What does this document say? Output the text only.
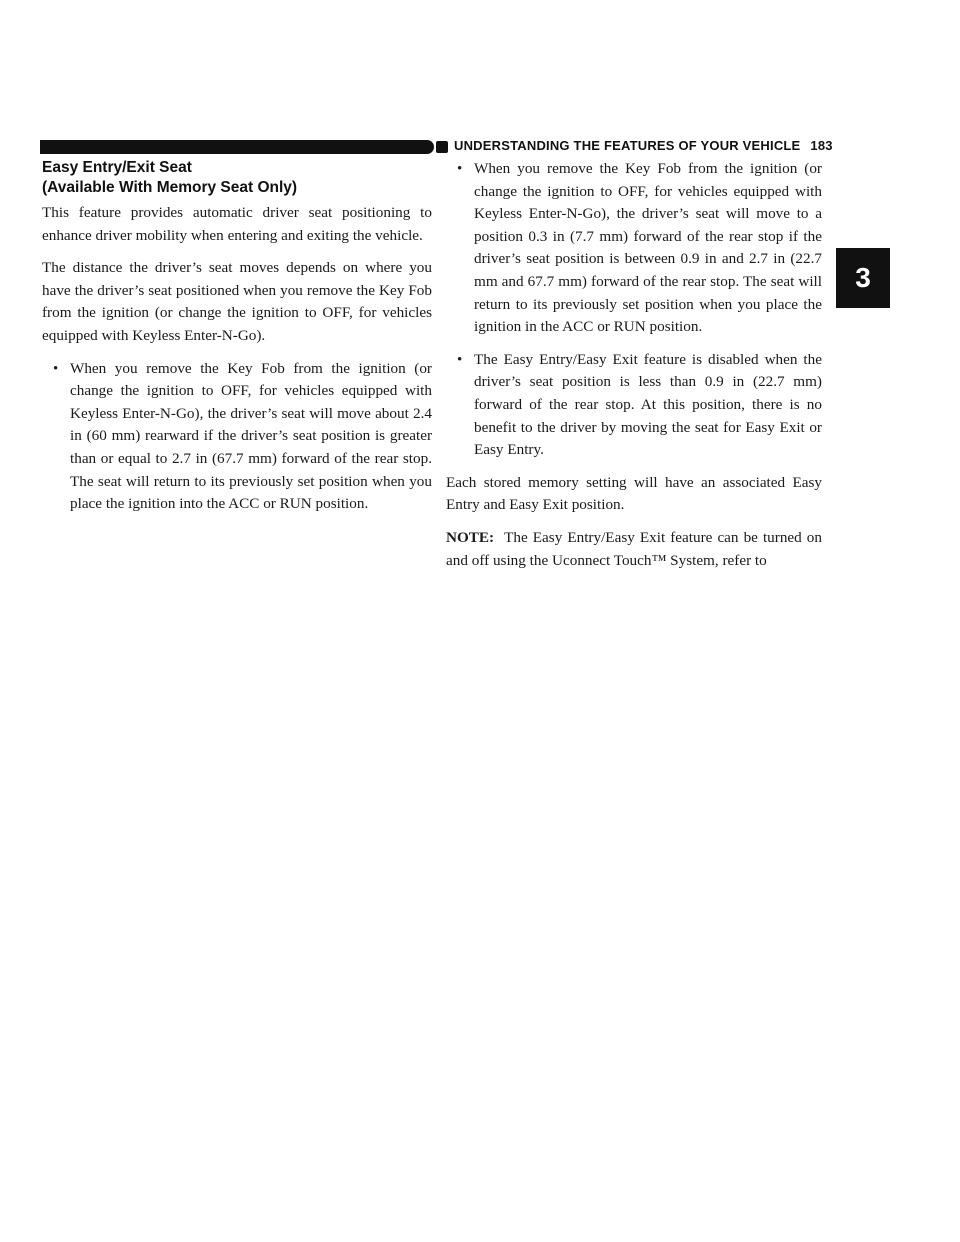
UNDERSTANDING THE FEATURES OF YOUR VEHICLE 183
3
Easy Entry/Exit Seat
(Available With Memory Seat Only)

This feature provides automatic driver seat positioning to enhance driver mobility when entering and exiting the vehicle.

The distance the driver’s seat moves depends on where you have the driver’s seat positioned when you remove the Key Fob from the ignition (or change the ignition to OFF, for vehicles equipped with Keyless Enter-N-Go).

• When you remove the Key Fob from the ignition (or change the ignition to OFF, for vehicles equipped with Keyless Enter-N-Go), the driver’s seat will move about 2.4 in (60 mm) rearward if the driver’s seat position is greater than or equal to 2.7 in (67.7 mm) forward of the rear stop. The seat will return to its previously set position when you place the ignition into the ACC or RUN position.
• When you remove the Key Fob from the ignition (or change the ignition to OFF, for vehicles equipped with Keyless Enter-N-Go), the driver’s seat will move to a position 0.3 in (7.7 mm) forward of the rear stop if the driver’s seat position is between 0.9 in and 2.7 in (22.7 mm and 67.7 mm) forward of the rear stop. The seat will return to its previously set position when you place the ignition in the ACC or RUN position.
• The Easy Entry/Easy Exit feature is disabled when the driver’s seat position is less than 0.9 in (22.7 mm) forward of the rear stop. At this position, there is no benefit to the driver by moving the seat for Easy Exit or Easy Entry.

Each stored memory setting will have an associated Easy Entry and Easy Exit position.

NOTE: The Easy Entry/Easy Exit feature can be turned on and off using the Uconnect Touch™ System, refer to
